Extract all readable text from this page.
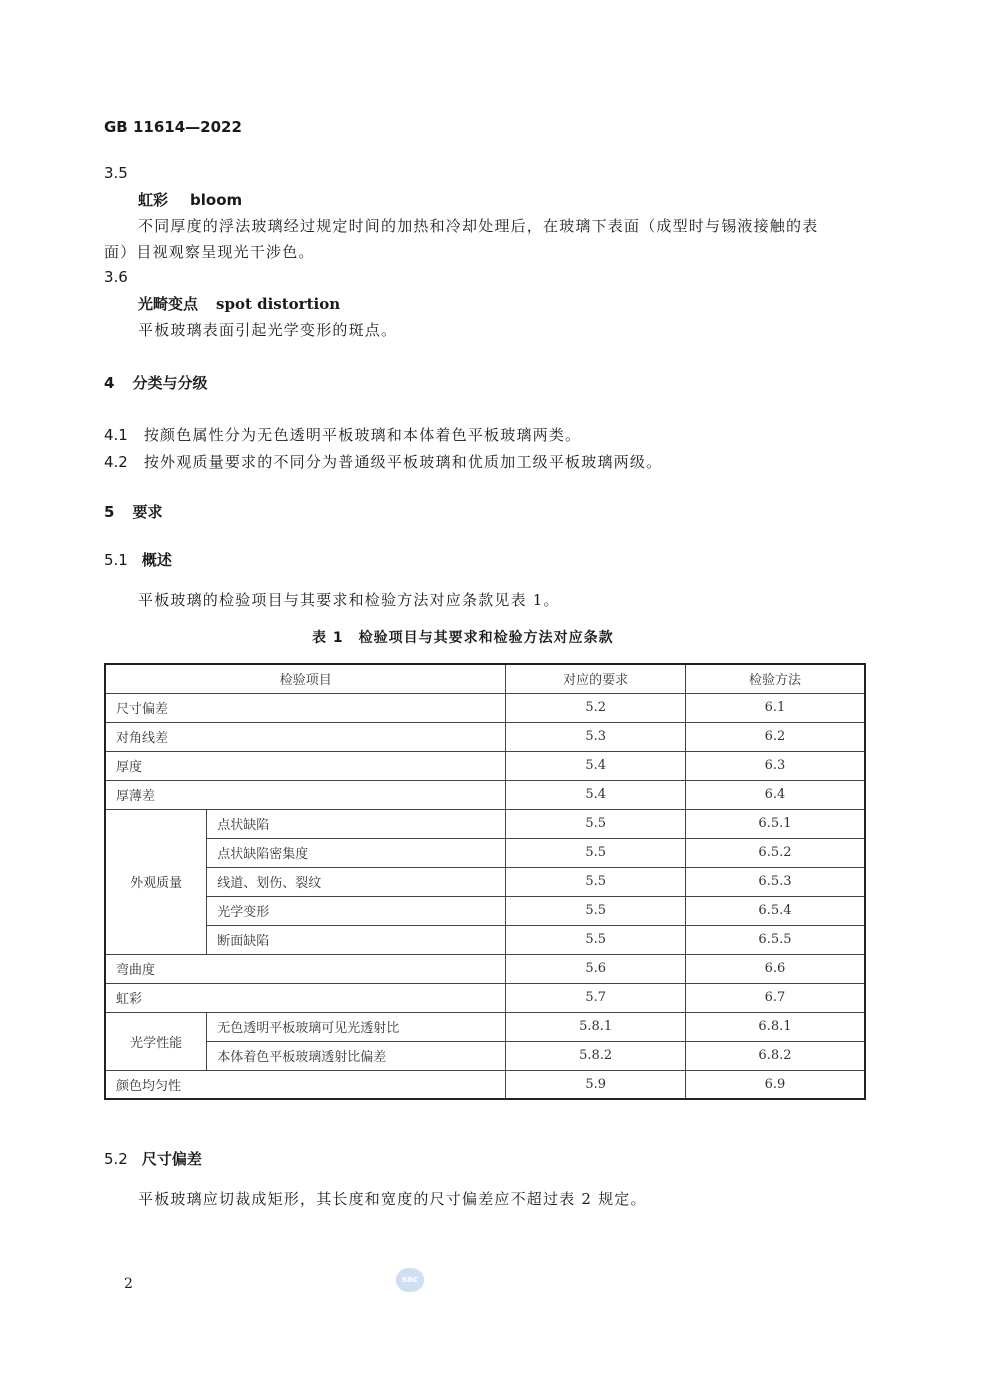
GB 11614—2022
3.5
虹彩 bloom
不同厚度的浮法玻璃经过规定时间的加热和冷却处理后，在玻璃下表面（成型时与锡液接触的表
面）目视观察呈现光干涉色。
3.6
光畸变点 spot distortion
平板玻璃表面引起光学变形的斑点。
4 分类与分级
4.1 按颜色属性分为无色透明平板玻璃和本体着色平板玻璃两类。
4.2 按外观质量要求的不同分为普通级平板玻璃和优质加工级平板玻璃两级。
5 要求
5.1 概述
平板玻璃的检验项目与其要求和检验方法对应条款见表 1。
表 1　检验项目与其要求和检验方法对应条款
检验项目		对应的要求	检验方法
尺寸偏差		5.2	6.1
对角线差		5.3	6.2
厚度		5.4	6.3
厚薄差		5.4	6.4
外观质量	点状缺陷	5.5	6.5.1
	点状缺陷密集度	5.5	6.5.2
	线道、划伤、裂纹	5.5	6.5.3
	光学变形	5.5	6.5.4
	断面缺陷	5.5	6.5.5
弯曲度		5.6	6.6
虹彩		5.7	6.7
光学性能	无色透明平板玻璃可见光透射比	5.8.1	6.8.1
	本体着色平板玻璃透射比偏差	5.8.2	6.8.2
颜色均匀性		5.9	6.9
5.2 尺寸偏差
平板玻璃应切裁成矩形，其长度和宽度的尺寸偏差应不超过表 2 规定。
2	sac
